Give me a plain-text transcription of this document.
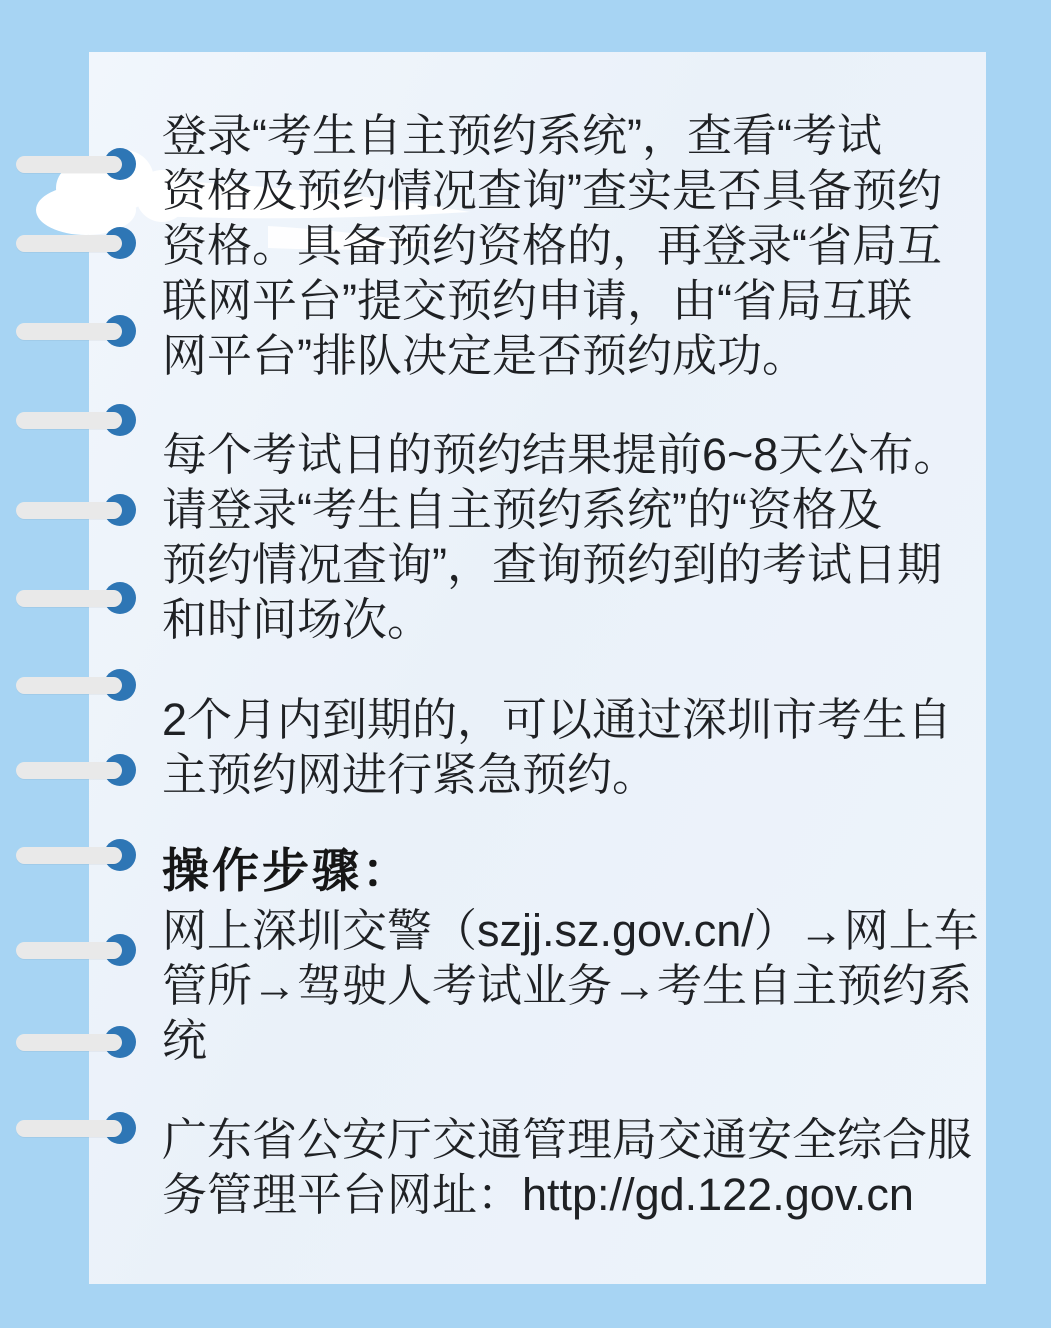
登录“考生自主预约系统”，查看“考试
资格及预约情况查询”查实是否具备预约
资格。具备预约资格的，再登录“省局互
联网平台”提交预约申请，由“省局互联
网平台”排队决定是否预约成功。
每个考试日的预约结果提前6~8天公布。
请登录“考生自主预约系统”的“资格及
预约情况查询”，查询预约到的考试日期
和时间场次。
2个月内到期的，可以通过深圳市考生自
主预约网进行紧急预约。
操作步骤：
网上深圳交警（szjj.sz.gov.cn/）→网上车
管所→驾驶人考试业务→考生自主预约系
统
广东省公安厅交通管理局交通安全综合服
务管理平台网址：http://gd.122.gov.cn
